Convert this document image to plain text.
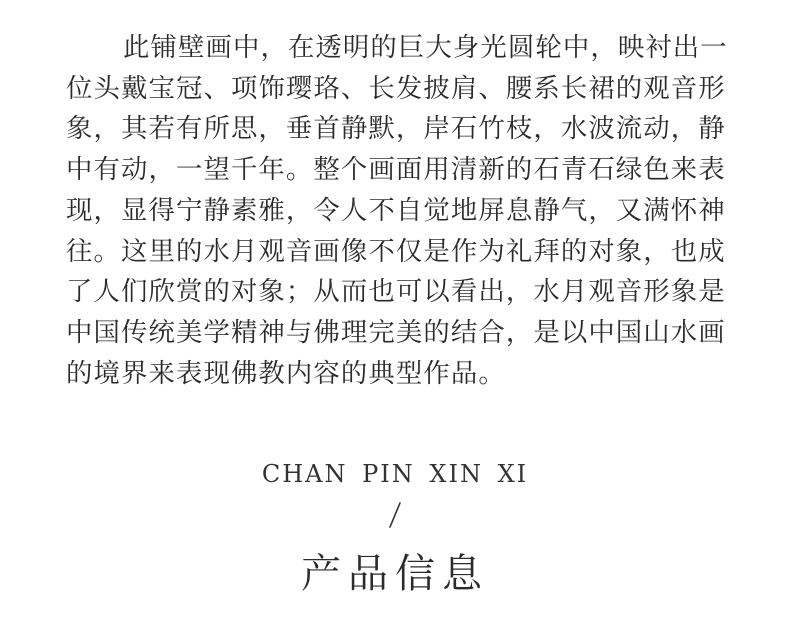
此铺壁画中，在透明的巨大身光圆轮中，映衬出一
位头戴宝冠、项饰璎珞、长发披肩、腰系长裙的观音形
象，其若有所思，垂首静默，岸石竹枝，水波流动，静
中有动，一望千年。整个画面用清新的石青石绿色来表
现，显得宁静素雅，令人不自觉地屏息静气，又满怀神
往。这里的水月观音画像不仅是作为礼拜的对象，也成
了人们欣赏的对象；从而也可以看出，水月观音形象是
中国传统美学精神与佛理完美的结合，是以中国山水画
的境界来表现佛教内容的典型作品。
CHAN PIN XIN XI
产品信息
